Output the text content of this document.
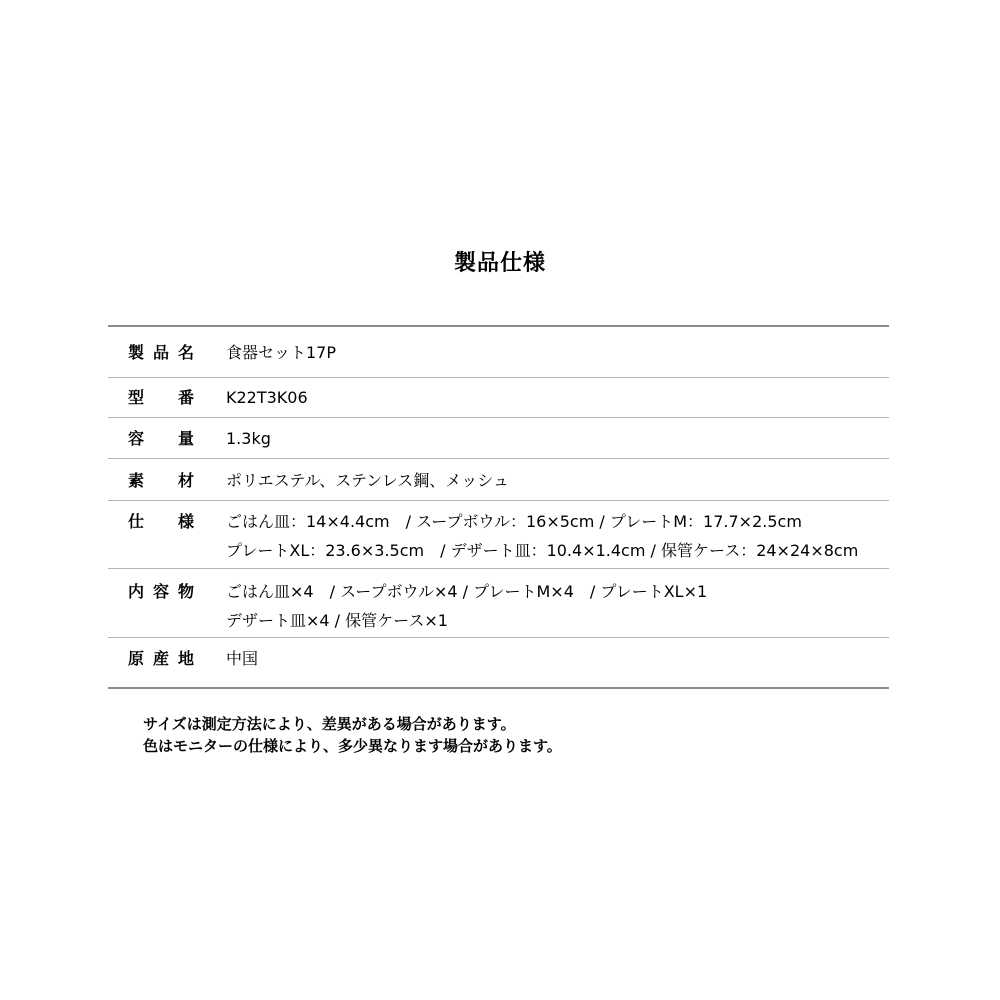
製品仕様
製品名 食器セット17P
型番 K22T3K06
容量 1.3kg
素材 ポリエステル、ステンレス鋼、メッシュ
仕様 ごはん皿：14×4.4cm　/ スープボウル：16×5cm / プレートM：17.7×2.5cm
プレートXL：23.6×3.5cm　/ デザート皿：10.4×1.4cm / 保管ケース：24×24×8cm
内容物 ごはん皿×4　/ スープボウル×4 / プレートM×4　/ プレートXL×1
デザート皿×4 / 保管ケース×1
原産地 中国
サイズは測定方法により、差異がある場合があります。
色はモニターの仕様により、多少異なります場合があります。
